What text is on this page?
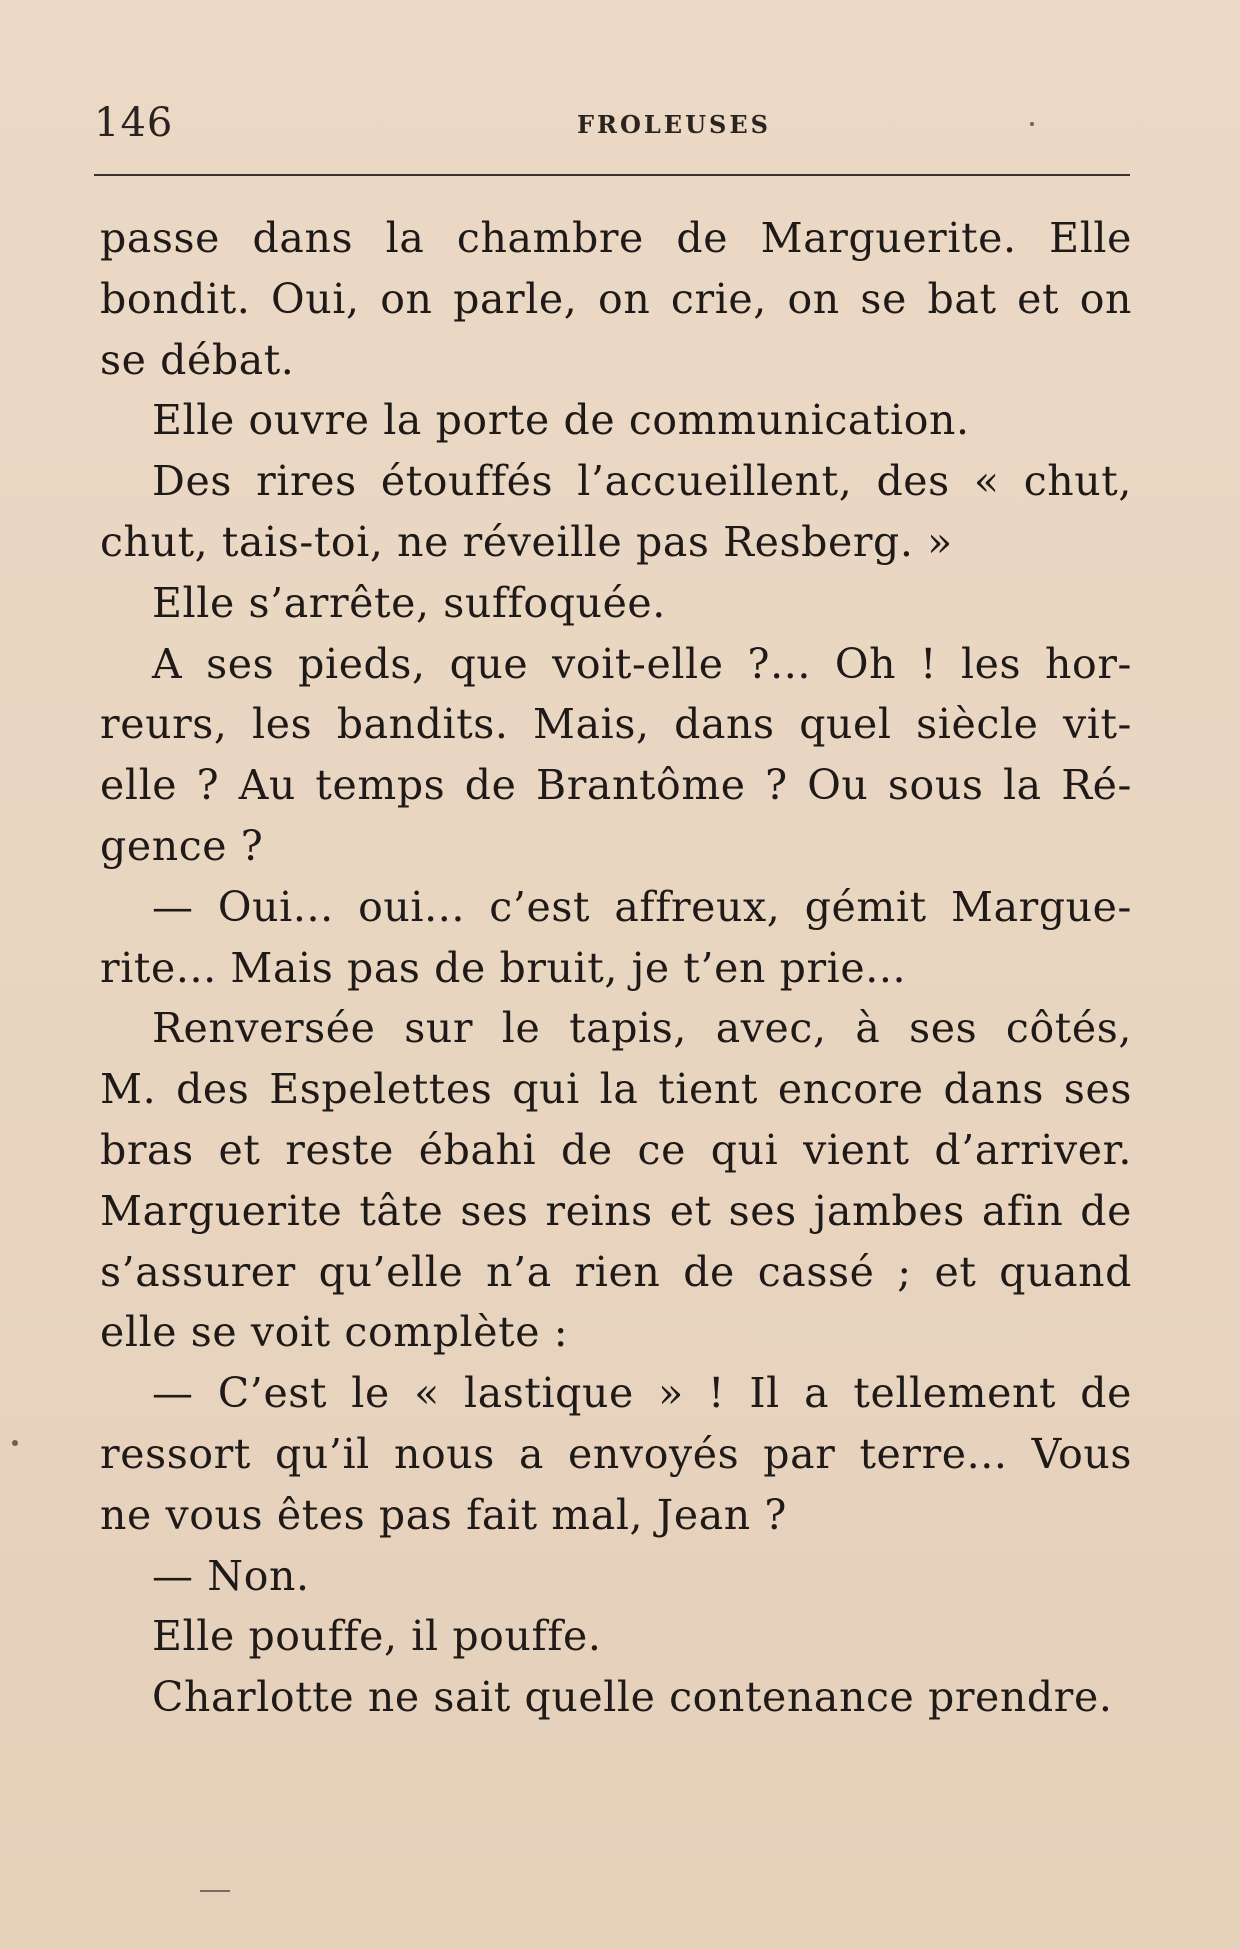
146	FROLEUSES
passe dans la chambre de Marguerite. Elle
bondit. Oui, on parle, on crie, on se bat et on
se débat.
Elle ouvre la porte de communication.
Des rires étouffés l’accueillent, des « chut,
chut, tais-toi, ne réveille pas Resberg. »
Elle s’arrête, suffoquée.
A ses pieds, que voit-elle ?... Oh ! les hor-
reurs, les bandits. Mais, dans quel siècle vit-
elle ? Au temps de Brantôme ? Ou sous la Ré-
gence ?
— Oui... oui... c’est affreux, gémit Margue-
rite... Mais pas de bruit, je t’en prie...
Renversée sur le tapis, avec, à ses côtés,
M. des Espelettes qui la tient encore dans ses
bras et reste ébahi de ce qui vient d’arriver.
Marguerite tâte ses reins et ses jambes afin de
s’assurer qu’elle n’a rien de cassé ; et quand
elle se voit complète :
— C’est le « lastique » ! Il a tellement de
ressort qu’il nous a envoyés par terre... Vous
ne vous êtes pas fait mal, Jean ?
— Non.
Elle pouffe, il pouffe.
Charlotte ne sait quelle contenance prendre.
